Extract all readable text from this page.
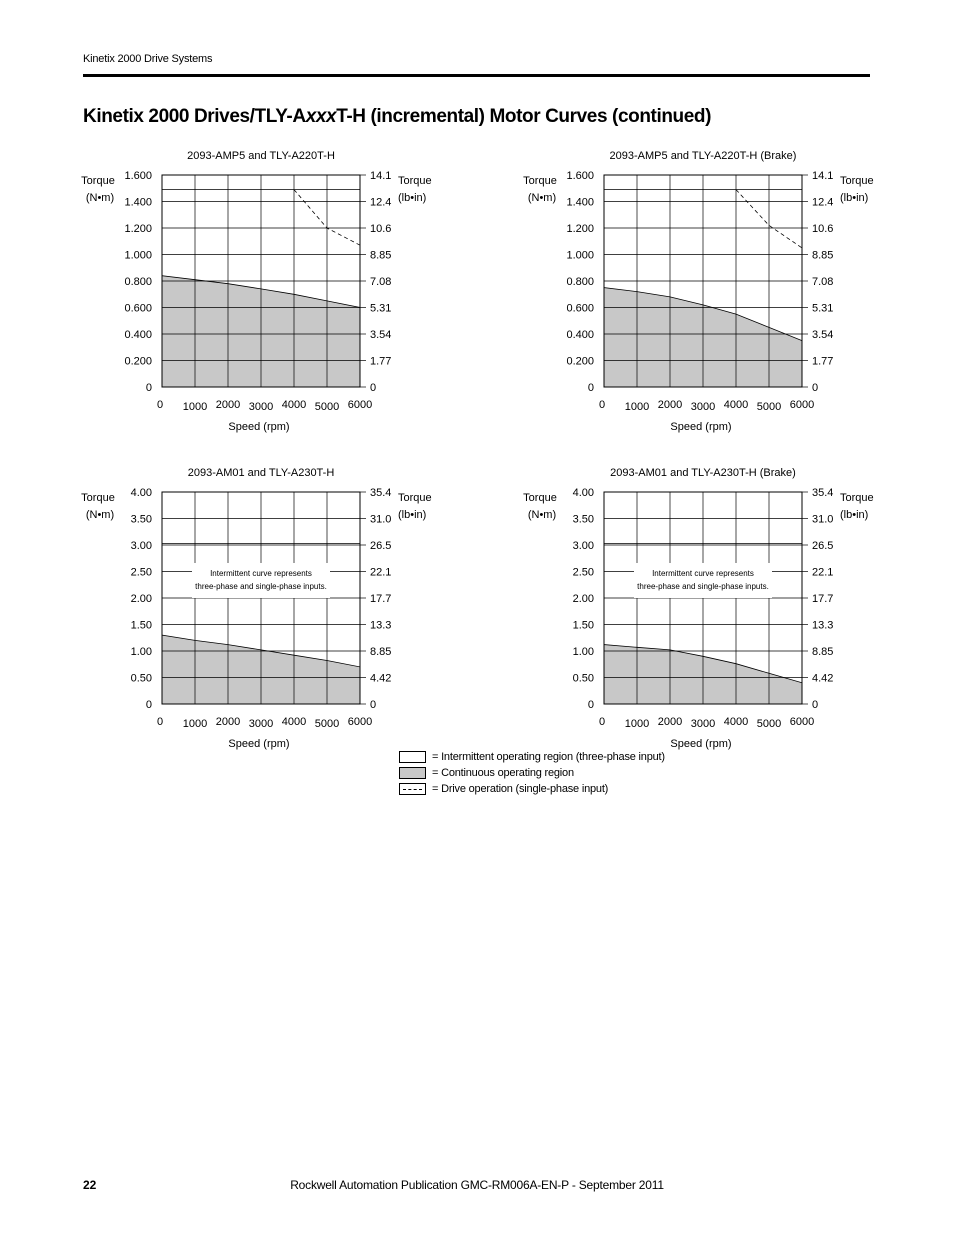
Kinetix 2000 Drive Systems
Kinetix 2000 Drives/TLY-AxxxT-H (incremental) Motor Curves (continued)
2093-AMP5 and TLY-A220T-H
0
0.200
0.400
0.600
0.800
1.000
1.200
1.400
1.600
0
1.77
3.54
5.31
7.08
8.85
10.6
12.4
14.1
0 1000 2000 3000 4000 5000 6000
Speed (rpm)
Torque
(N•m)
Torque
(lb•in)
2093-AMP5 and TLY-A220T-H (Brake)
0
0.200
0.400
0.600
0.800
1.000
1.200
1.400
1.600
0
1.77
3.54
5.31
7.08
8.85
10.6
12.4
14.1
0 1000 2000 3000 4000 5000 6000
Speed (rpm)
Torque
(N•m)
Torque
(lb•in)
2093-AM01 and TLY-A230T-H
0
0.50
1.00
1.50
2.00
2.50
3.00
3.50
4.00
0
4.42
8.85
13.3
17.7
22.1
26.5
31.0
35.4
0 1000 2000 3000 4000 5000 6000
Speed (rpm)
Torque
(N•m)
Torque
(lb•in)
Intermittent curve represents
three-phase and single-phase inputs.
2093-AM01 and TLY-A230T-H (Brake)
0
0.50
1.00
1.50
2.00
2.50
3.00
3.50
4.00
0
4.42
8.85
13.3
17.7
22.1
26.5
31.0
35.4
0 1000 2000 3000 4000 5000 6000
Speed (rpm)
Torque
(N•m)
Torque
(lb•in)
Intermittent curve represents
three-phase and single-phase inputs.
= Intermittent operating region (three-phase input)
= Continuous operating region
= Drive operation (single-phase input)
22	Rockwell Automation Publication GMC-RM006A-EN-P - September 2011
